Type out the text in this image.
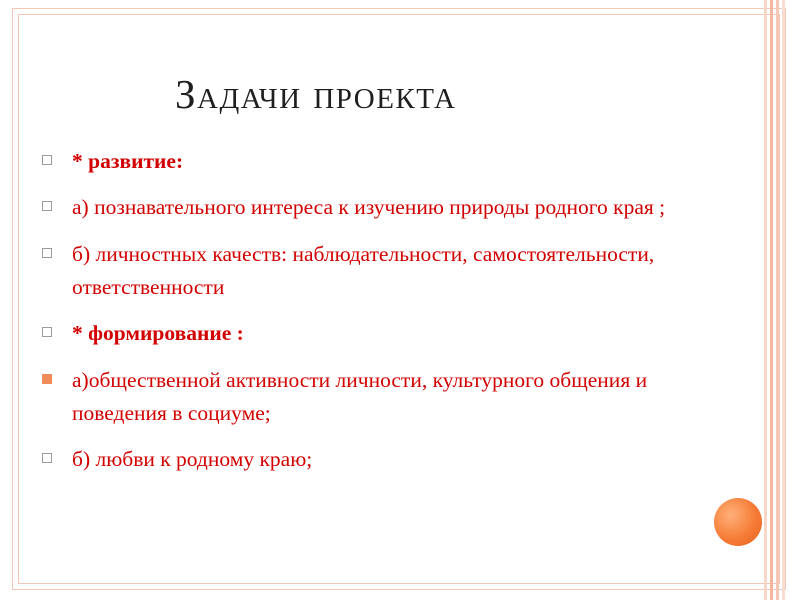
Задачи проекта
* развитие:
а) познавательного интереса к изучению природы родного края ;
б) личностных качеств: наблюдательности, самостоятельности, ответственности
* формирование :
а)общественной активности личности, культурного общения и поведения в социуме;
б) любви к родному краю;
